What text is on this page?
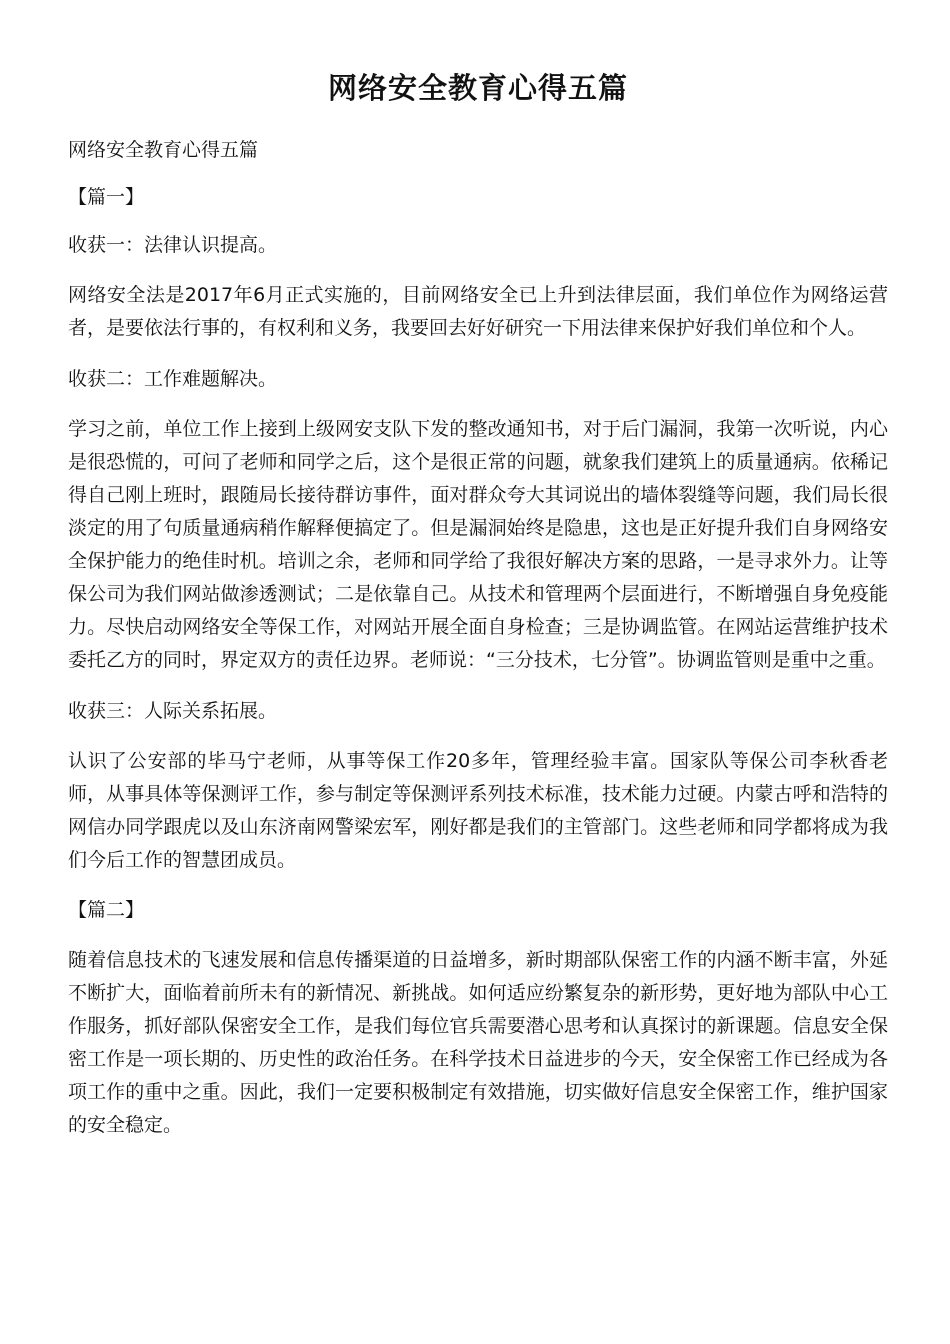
网络安全教育心得五篇

网络安全教育心得五篇

【篇一】

收获一：法律认识提高。

网络安全法是2017年6月正式实施的，目前网络安全已上升到法律层面，我们单位作为网络运营者，是要依法行事的，有权利和义务，我要回去好好研究一下用法律来保护好我们单位和个人。

收获二：工作难题解决。

学习之前，单位工作上接到上级网安支队下发的整改通知书，对于后门漏洞，我第一次听说，内心是很恐慌的，可问了老师和同学之后，这个是很正常的问题，就象我们建筑上的质量通病。依稀记得自己刚上班时，跟随局长接待群访事件，面对群众夸大其词说出的墙体裂缝等问题，我们局长很淡定的用了句质量通病稍作解释便搞定了。但是漏洞始终是隐患，这也是正好提升我们自身网络安全保护能力的绝佳时机。培训之余，老师和同学给了我很好解决方案的思路，一是寻求外力。让等保公司为我们网站做渗透测试；二是依靠自己。从技术和管理两个层面进行，不断增强自身免疫能力。尽快启动网络安全等保工作，对网站开展全面自身检查；三是协调监管。在网站运营维护技术委托乙方的同时，界定双方的责任边界。老师说：“三分技术，七分管”。协调监管则是重中之重。

收获三：人际关系拓展。

认识了公安部的毕马宁老师，从事等保工作20多年，管理经验丰富。国家队等保公司李秋香老师，从事具体等保测评工作，参与制定等保测评系列技术标准，技术能力过硬。内蒙古呼和浩特的网信办同学跟虎以及山东济南网警梁宏军，刚好都是我们的主管部门。这些老师和同学都将成为我们今后工作的智慧团成员。

【篇二】

随着信息技术的飞速发展和信息传播渠道的日益增多，新时期部队保密工作的内涵不断丰富，外延不断扩大，面临着前所未有的新情况、新挑战。如何适应纷繁复杂的新形势，更好地为部队中心工作服务，抓好部队保密安全工作，是我们每位官兵需要潜心思考和认真探讨的新课题。信息安全保密工作是一项长期的、历史性的政治任务。在科学技术日益进步的今天，安全保密工作已经成为各项工作的重中之重。因此，我们一定要积极制定有效措施，切实做好信息安全保密工作，维护国家的安全稳定。
